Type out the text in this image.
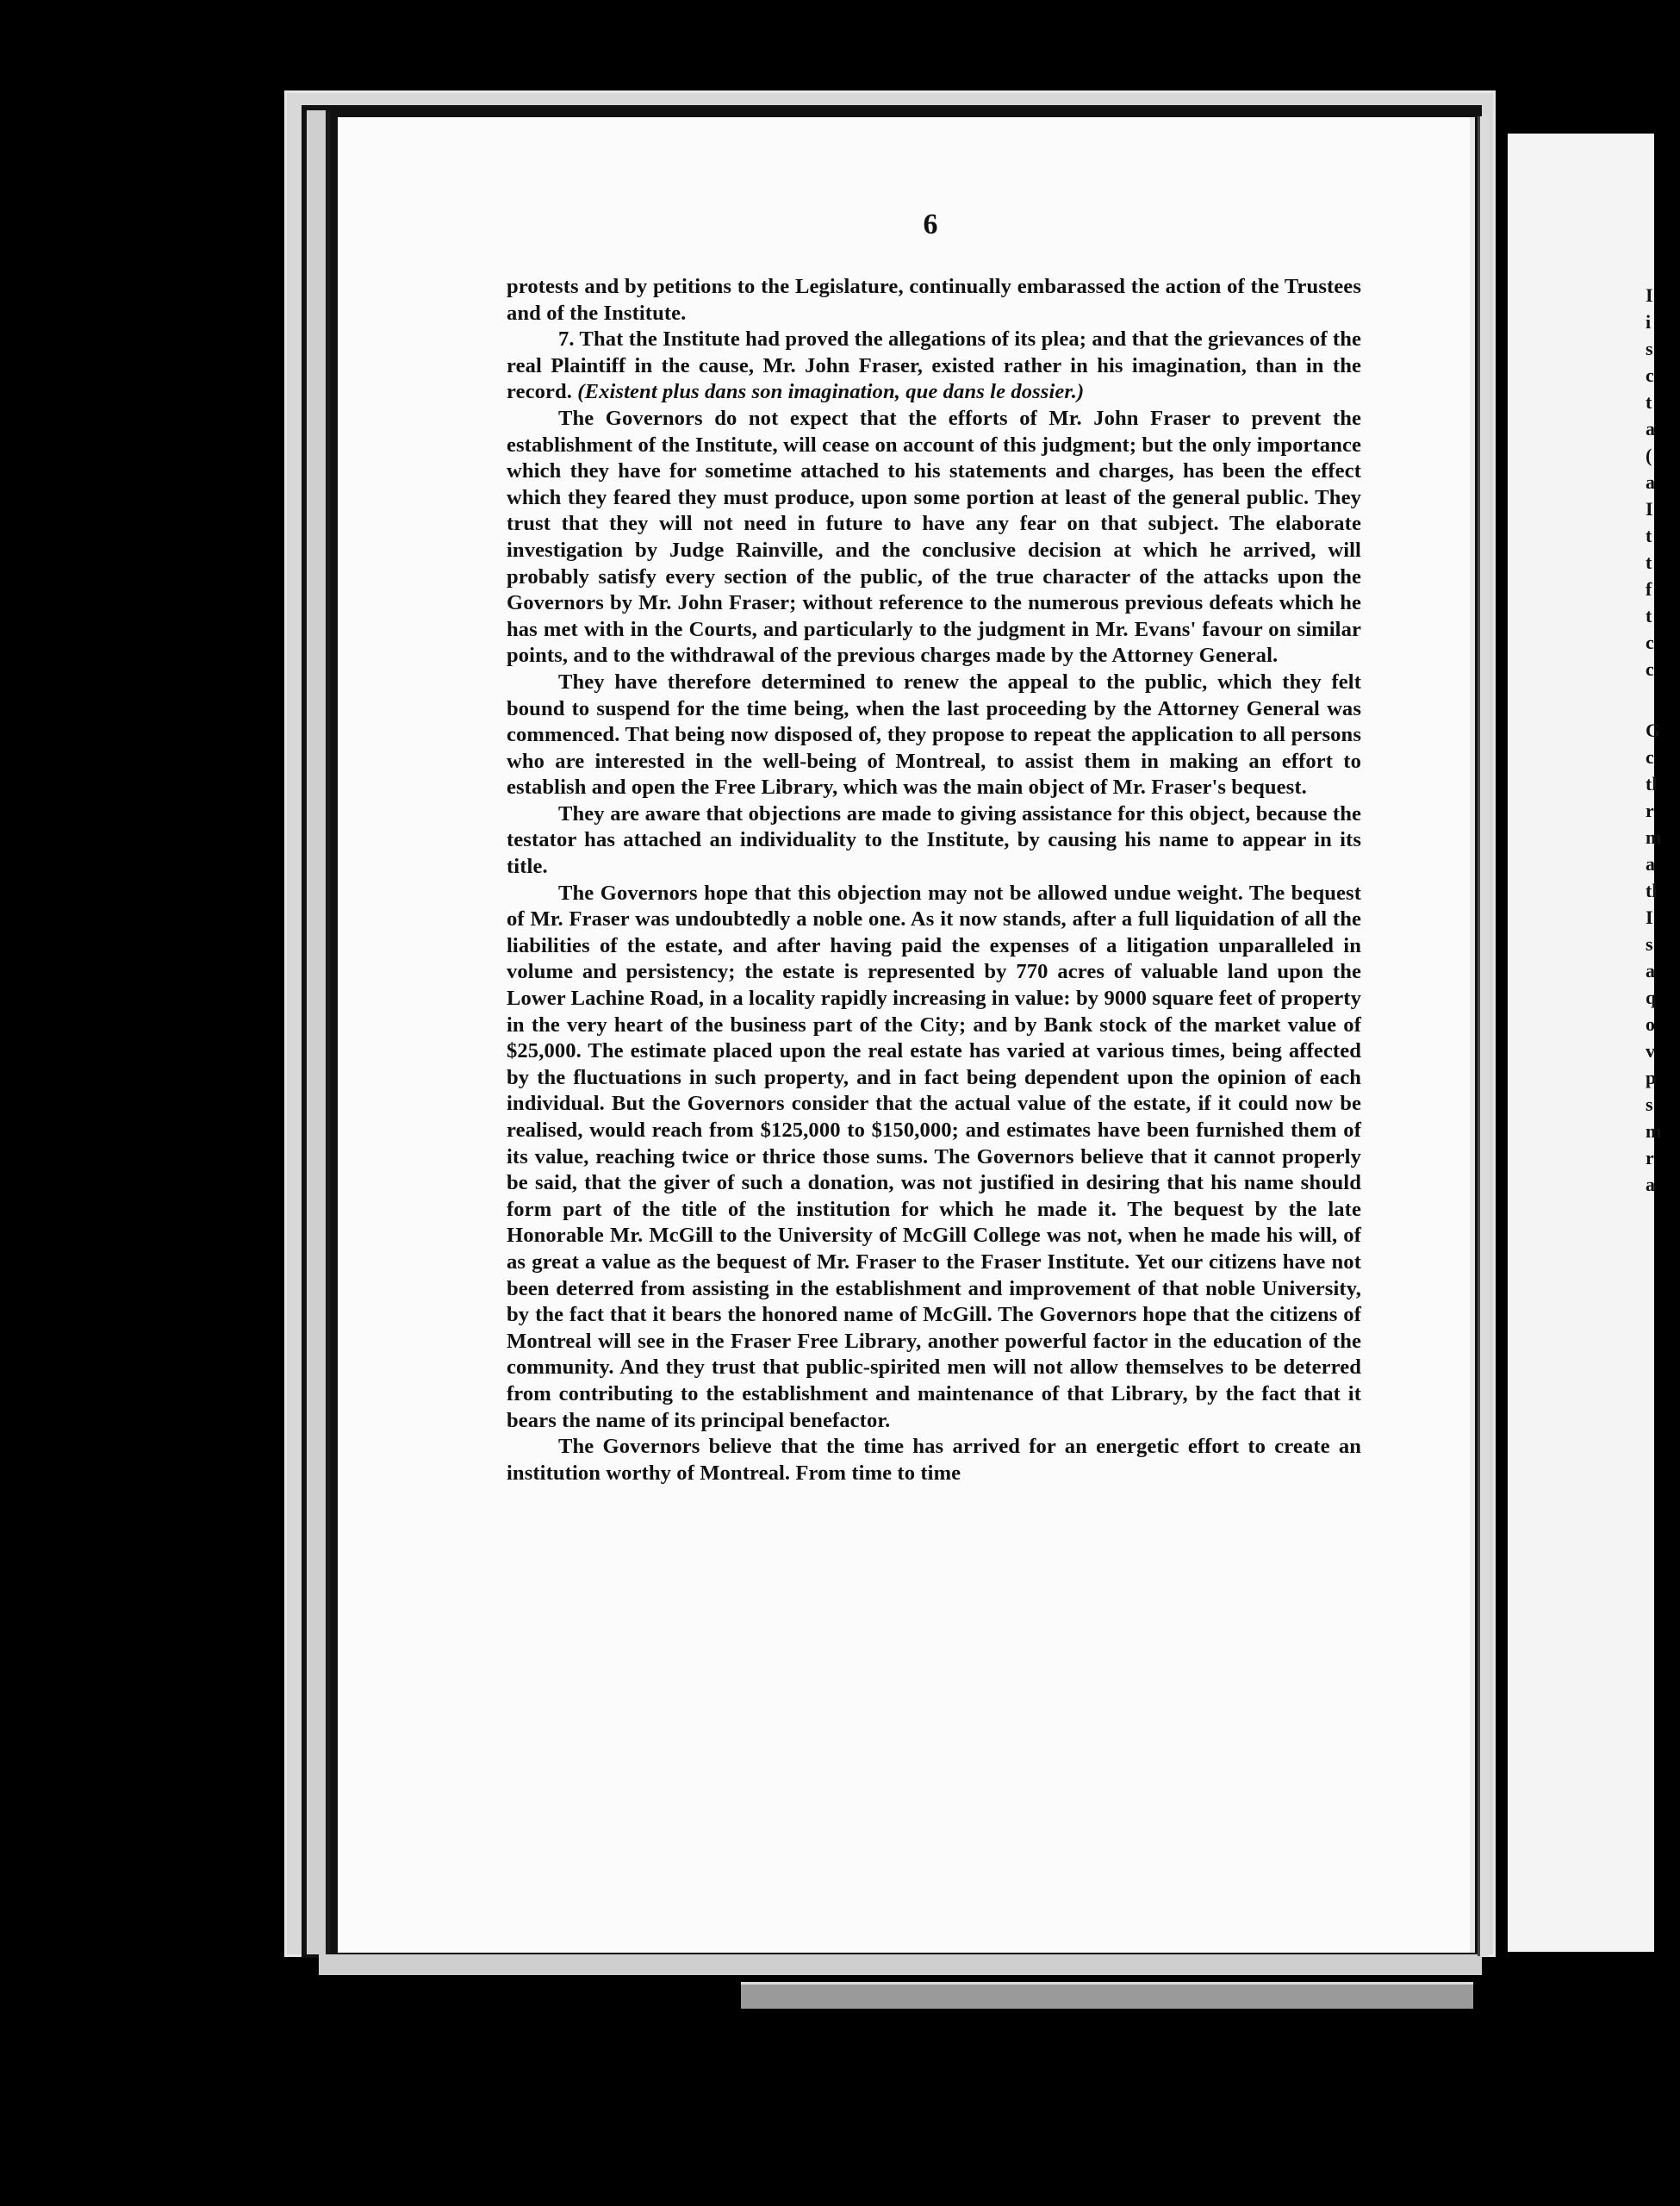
I
i
s
c
t
a
(
a
I
t
t
f
t
c
c
G
c
tl
r
m
a
tl
I
s
a
q
o
v
p
s
m
r
a
6

protests and by petitions to the Legislature, continually embarassed the action of the Trustees and of the Institute.

7. That the Institute had proved the allegations of its plea; and that the grievances of the real Plaintiff in the cause, Mr. John Fraser, existed rather in his imagination, than in the record. (Existent plus dans son imagination, que dans le dossier.)

The Governors do not expect that the efforts of Mr. John Fraser to prevent the establishment of the Institute, will cease on account of this judgment; but the only importance which they have for sometime attached to his statements and charges, has been the effect which they feared they must produce, upon some portion at least of the general public. They trust that they will not need in future to have any fear on that subject. The elaborate investigation by Judge Rainville, and the conclusive decision at which he arrived, will probably satisfy every section of the public, of the true character of the attacks upon the Governors by Mr. John Fraser; without reference to the numerous previous defeats which he has met with in the Courts, and particularly to the judgment in Mr. Evans' favour on similar points, and to the withdrawal of the previous charges made by the Attorney General.

They have therefore determined to renew the appeal to the public, which they felt bound to suspend for the time being, when the last proceeding by the Attorney General was commenced. That being now disposed of, they propose to repeat the application to all persons who are interested in the well-being of Montreal, to assist them in making an effort to establish and open the Free Library, which was the main object of Mr. Fraser's bequest.

They are aware that objections are made to giving assistance for this object, because the testator has attached an individuality to the Institute, by causing his name to appear in its title.

The Governors hope that this objection may not be allowed undue weight. The bequest of Mr. Fraser was undoubtedly a noble one. As it now stands, after a full liquidation of all the liabilities of the estate, and after having paid the expenses of a litigation unparalleled in volume and persistency; the estate is represented by 770 acres of valuable land upon the Lower Lachine Road, in a locality rapidly increasing in value: by 9000 square feet of property in the very heart of the business part of the City; and by Bank stock of the market value of $25,000. The estimate placed upon the real estate has varied at various times, being affected by the fluctuations in such property, and in fact being dependent upon the opinion of each individual. But the Governors consider that the actual value of the estate, if it could now be realised, would reach from $125,000 to $150,000; and estimates have been furnished them of its value, reaching twice or thrice those sums. The Governors believe that it cannot properly be said, that the giver of such a donation, was not justified in desiring that his name should form part of the title of the institution for which he made it. The bequest by the late Honorable Mr. McGill to the University of McGill College was not, when he made his will, of as great a value as the bequest of Mr. Fraser to the Fraser Institute. Yet our citizens have not been deterred from assisting in the establishment and improvement of that noble University, by the fact that it bears the honored name of McGill. The Governors hope that the citizens of Montreal will see in the Fraser Free Library, another powerful factor in the education of the community. And they trust that public-spirited men will not allow themselves to be deterred from contributing to the establishment and maintenance of that Library, by the fact that it bears the name of its principal benefactor.

The Governors believe that the time has arrived for an energetic effort to create an institution worthy of Montreal. From time to time
